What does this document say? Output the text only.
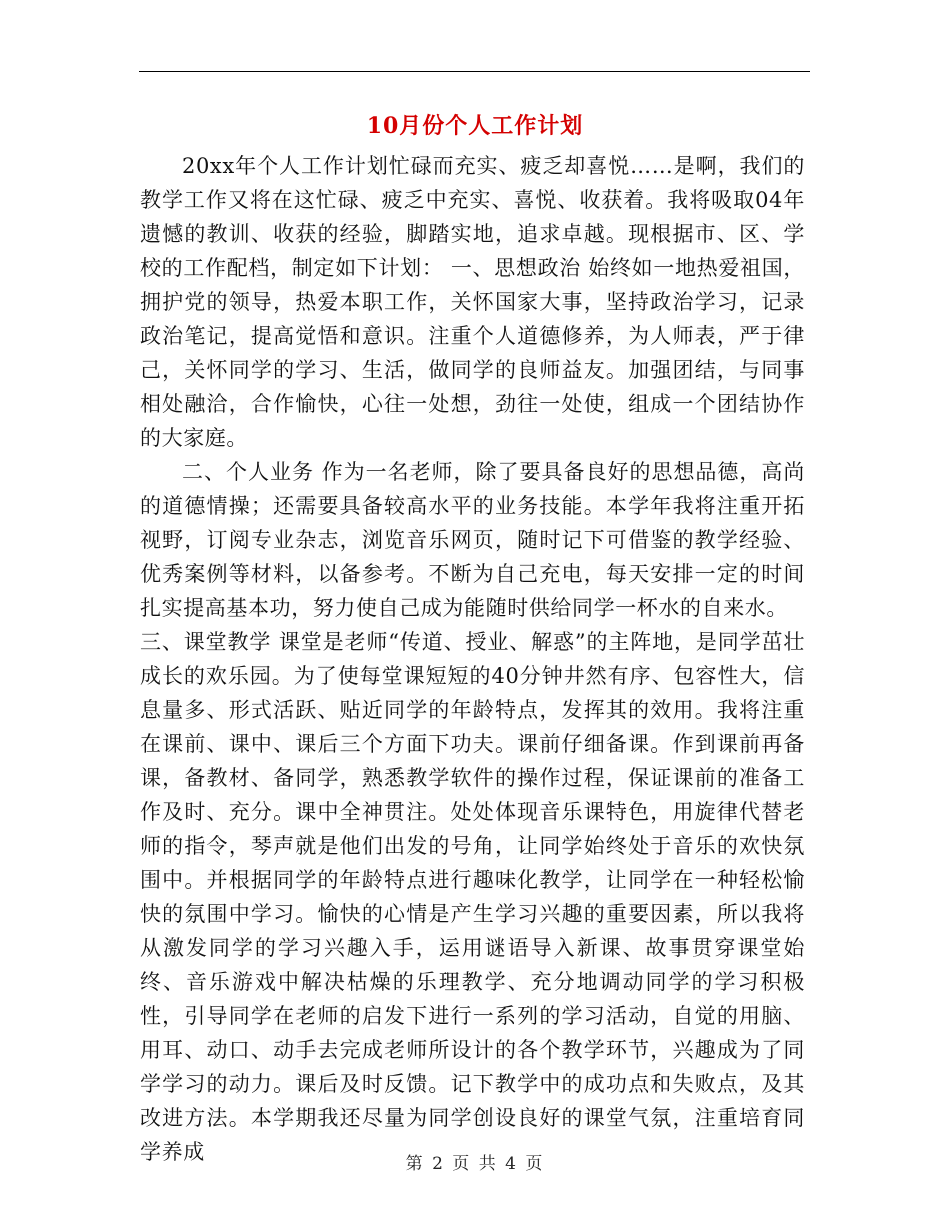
10月份个人工作计划

20xx年个人工作计划忙碌而充实、疲乏却喜悦……是啊，我们的教学工作又将在这忙碌、疲乏中充实、喜悦、收获着。我将吸取04年遗憾的教训、收获的经验，脚踏实地，追求卓越。现根据市、区、学校的工作配档，制定如下计划： 一、思想政治 始终如一地热爱祖国，拥护党的领导，热爱本职工作，关怀国家大事，坚持政治学习，记录政治笔记，提高觉悟和意识。注重个人道德修养，为人师表，严于律己，关怀同学的学习、生活，做同学的良师益友。加强团结，与同事相处融洽，合作愉快，心往一处想，劲往一处使，组成一个团结协作的大家庭。

二、个人业务 作为一名老师，除了要具备良好的思想品德，高尚的道德情操；还需要具备较高水平的业务技能。本学年我将注重开拓视野，订阅专业杂志，浏览音乐网页，随时记下可借鉴的教学经验、优秀案例等材料，以备参考。不断为自己充电，每天安排一定的时间扎实提高基本功，努力使自己成为能随时供给同学一杯水的自来水。

三、课堂教学 课堂是老师“传道、授业、解惑”的主阵地，是同学茁壮成长的欢乐园。为了使每堂课短短的40分钟井然有序、包容性大，信息量多、形式活跃、贴近同学的年龄特点，发挥其的效用。我将注重在课前、课中、课后三个方面下功夫。课前仔细备课。作到课前再备课，备教材、备同学，熟悉教学软件的操作过程，保证课前的准备工作及时、充分。课中全神贯注。处处体现音乐课特色，用旋律代替老师的指令，琴声就是他们出发的号角，让同学始终处于音乐的欢快氛围中。并根据同学的年龄特点进行趣味化教学，让同学在一种轻松愉快的氛围中学习。愉快的心情是产生学习兴趣的重要因素，所以我将从激发同学的学习兴趣入手，运用谜语导入新课、故事贯穿课堂始终、音乐游戏中解决枯燥的乐理教学、充分地调动同学的学习积极性，引导同学在老师的启发下进行一系列的学习活动，自觉的用脑、用耳、动口、动手去完成老师所设计的各个教学环节，兴趣成为了同学学习的动力。课后及时反馈。记下教学中的成功点和失败点，及其改进方法。本学期我还尽量为同学创设良好的课堂气氛，注重培育同学养成	第 2 页 共 4 页
